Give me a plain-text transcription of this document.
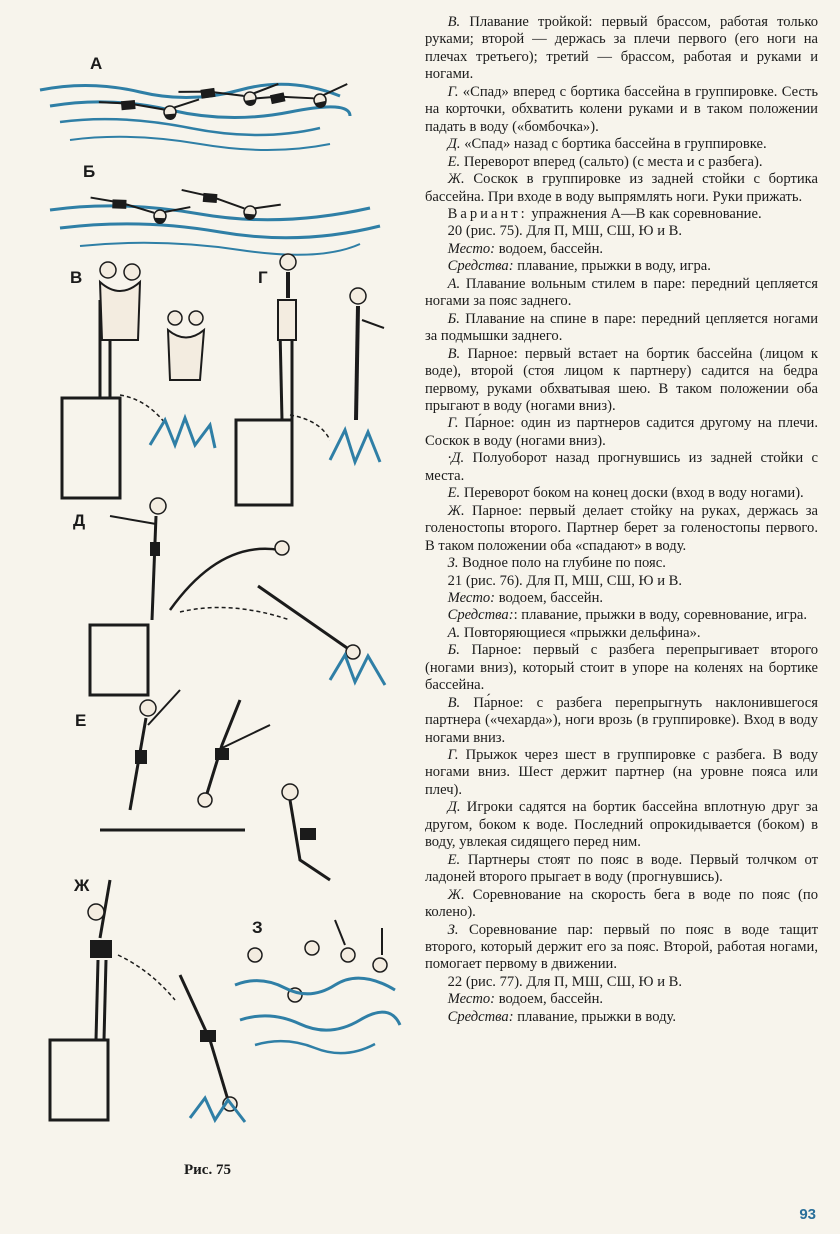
А
Б
В	Г
Д
Е
Ж
З
Рис. 75

В. Плавание тройкой: первый брассом, работая только руками; второй — держась за плечи первого (его ноги на плечах третьего); третий — брассом, работая и руками и ногами.

Г. «Спад» вперед с бортика бассейна в группировке. Сесть на корточки, обхватить колени руками и в таком положении падать в воду («бомбочка»).

Д. «Спад» назад с бортика бассейна в группировке.

Е. Переворот вперед (сальто) (с места и с разбега).

Ж. Соскок в группировке из задней стойки с бортика бассейна. При входе в воду выпрямлять ноги. Руки прижать.

Вариант: упражнения А—В как соревнование.

20 (рис. 75). Для П, МШ, СШ, Ю и В.

Место: водоем, бассейн.

Средства: плавание, прыжки в воду, игра.

А. Плавание вольным стилем в паре: передний цепляется ногами за пояс заднего.

Б. Плавание на спине в паре: передний цепляется ногами за подмышки заднего.

В. Парное: первый встает на бортик бассейна (лицом к воде), второй (стоя лицом к партнеру) садится на бедра первому, руками обхватывая шею. В таком положении оба прыгают в воду (ногами вниз).

Г. Па́рное: один из партнеров садится другому на плечи. Соскок в воду (ногами вниз).

·Д. Полуоборот назад прогнувшись из задней стойки с места.

Е. Переворот боком на конец доски (вход в воду ногами).

Ж. Парное: первый делает стойку на руках, держась за голеностопы второго. Партнер берет за голеностопы первого. В таком положении оба «спадают» в воду.

З. Водное поло на глубине по пояс.

21 (рис. 76). Для П, МШ, СШ, Ю и В.

Место: водоем, бассейн.

Средства:: плавание, прыжки в воду, соревнование, игра.

А. Повторяющиеся «прыжки дельфина».

Б. Парное: первый с разбега перепрыгивает второго (ногами вниз), который стоит в упоре на коленях на бортике бассейна.

В. Па́рное: с разбега перепрыгнуть наклонившегося партнера («чехарда»), ноги врозь (в группировке). Вход в воду ногами вниз.

Г. Прыжок через шест в группировке с разбега. В воду ногами вниз. Шест держит партнер (на уровне пояса или плеч).

Д. Игроки садятся на бортик бассейна вплотную друг за другом, боком к воде. Последний опрокидывается (боком) в воду, увлекая сидящего перед ним.

Е. Партнеры стоят по пояс в воде. Первый толчком от ладоней второго прыгает в воду (прогнувшись).

Ж. Соревнование на скорость бега в воде по пояс (по колено).

З. Соревнование пар: первый по пояс в воде тащит второго, который держит его за пояс. Второй, работая ногами, помогает первому в движении.

22 (рис. 77). Для П, МШ, СШ, Ю и В.

Место: водоем, бассейн.

Средства: плавание, прыжки в воду.

93
